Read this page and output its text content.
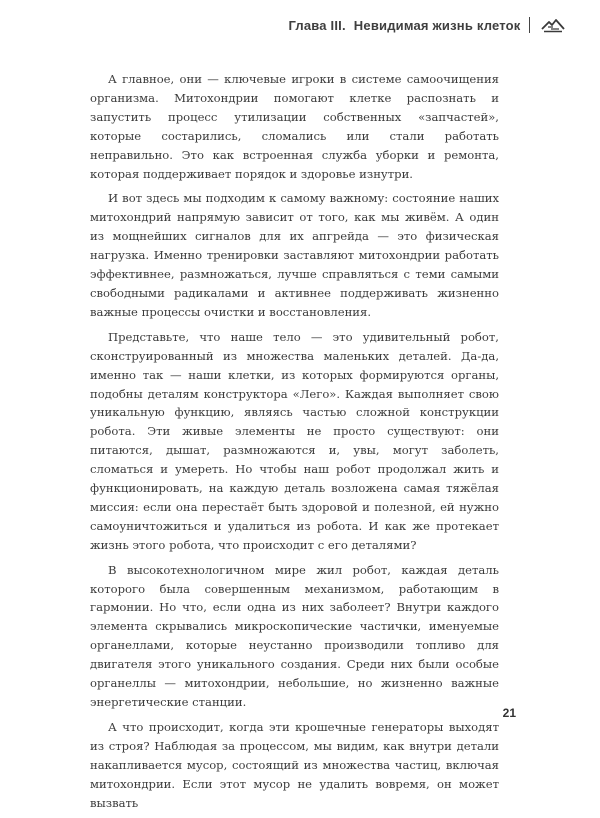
Глава III. Невидимая жизнь клеток

А главное, они — ключевые игроки в системе самоочищения организма. Митохондрии помогают клетке распознать и запустить процесс утилизации собственных «запчастей», которые состарились, сломались или стали работать неправильно. Это как встроенная служба уборки и ремонта, которая поддерживает порядок и здоровье изнутри.

И вот здесь мы подходим к самому важному: состояние наших митохондрий напрямую зависит от того, как мы живём. А один из мощнейших сигналов для их апгрейда — это физическая нагрузка. Именно тренировки заставляют митохондрии работать эффективнее, размножаться, лучше справляться с теми самыми свободными радикалами и активнее поддерживать жизненно важные процессы очистки и восстановления.

Представьте, что наше тело — это удивительный робот, сконструированный из множества маленьких деталей. Да-да, именно так — наши клетки, из которых формируются органы, подобны деталям конструктора «Лего». Каждая выполняет свою уникальную функцию, являясь частью сложной конструкции робота. Эти живые элементы не просто существуют: они питаются, дышат, размножаются и, увы, могут заболеть, сломаться и умереть. Но чтобы наш робот продолжал жить и функционировать, на каждую деталь возложена самая тяжёлая миссия: если она перестаёт быть здоровой и полезной, ей нужно самоуничтожиться и удалиться из робота. И как же протекает жизнь этого робота, что происходит с его деталями?

В высокотехнологичном мире жил робот, каждая деталь которого была совершенным механизмом, работающим в гармонии. Но что, если одна из них заболеет? Внутри каждого элемента скрывались микроскопические частички, именуемые органеллами, которые неустанно производили топливо для двигателя этого уникального создания. Среди них были особые органеллы — митохондрии, небольшие, но жизненно важные энергетические станции.

А что происходит, когда эти крошечные генераторы выходят из строя? Наблюдая за процессом, мы видим, как внутри детали накапливается мусор, состоящий из множества частиц, включая митохондрии. Если этот мусор не удалить вовремя, он может вызвать

21
